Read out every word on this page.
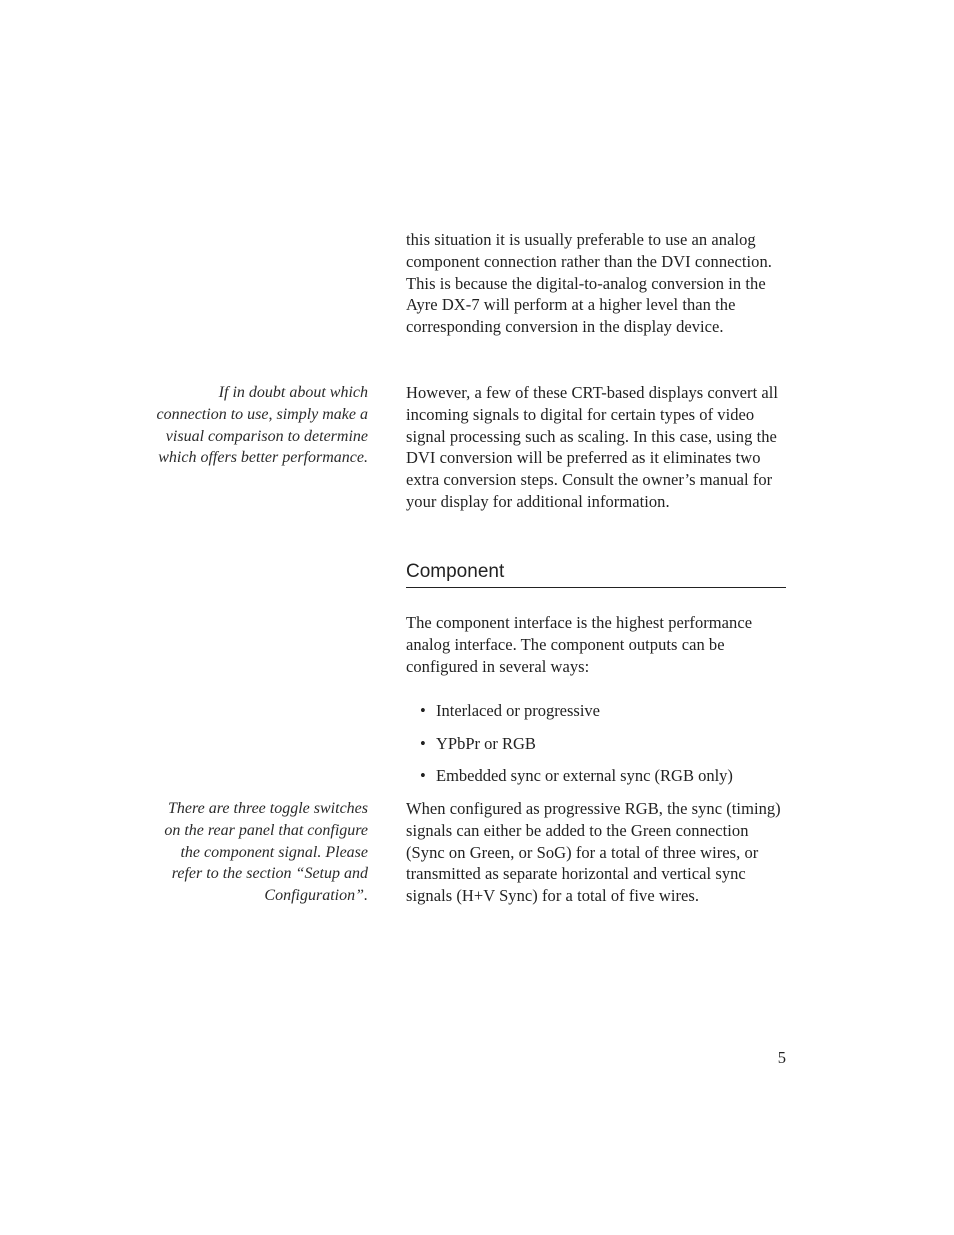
this situation it is usually preferable to use an analog component connection rather than the DVI connection. This is because the digital-to-analog conversion in the Ayre DX-7 will perform at a higher level than the corresponding conversion in the display device.

If in doubt about which connection to use, simply make a visual comparison to determine which offers better performance.

However, a few of these CRT-based displays convert all incoming signals to digital for certain types of video signal processing such as scaling. In this case, using the DVI conversion will be preferred as it eliminates two extra conversion steps. Consult the owner’s manual for your display for additional information.

Component

The component interface is the highest performance analog interface. The component outputs can be configured in several ways:

• Interlaced or progressive
• YPbPr or RGB
• Embedded sync or external sync (RGB only)

There are three toggle switches on the rear panel that configure the component signal. Please refer to the section “Setup and Configuration”.

When configured as progressive RGB, the sync (timing) signals can either be added to the Green connection (Sync on Green, or SoG) for a total of three wires, or transmitted as separate horizontal and vertical sync signals (H+V Sync) for a total of five wires.

5
